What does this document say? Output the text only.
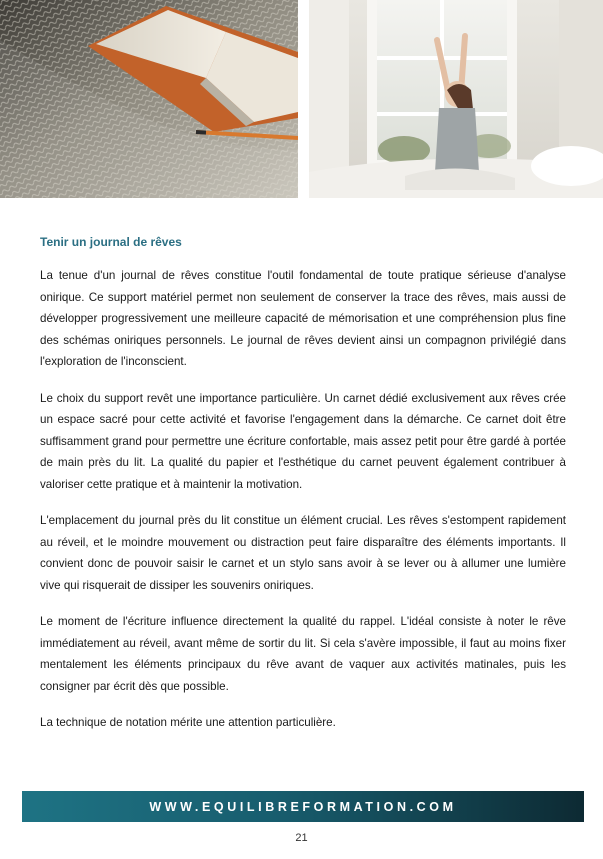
Tenir un journal de rêves

La tenue d'un journal de rêves constitue l'outil fondamental de toute pratique sérieuse d'analyse onirique. Ce support matériel permet non seulement de conserver la trace des rêves, mais aussi de développer progressivement une meilleure capacité de mémorisation et une compréhension plus fine des schémas oniriques personnels. Le journal de rêves devient ainsi un compagnon privilégié dans l'exploration de l'inconscient.

Le choix du support revêt une importance particulière. Un carnet dédié exclusivement aux rêves crée un espace sacré pour cette activité et favorise l'engagement dans la démarche. Ce carnet doit être suffisamment grand pour permettre une écriture confortable, mais assez petit pour être gardé à portée de main près du lit. La qualité du papier et l'esthétique du carnet peuvent également contribuer à valoriser cette pratique et à maintenir la motivation.

L'emplacement du journal près du lit constitue un élément crucial. Les rêves s'estompent rapidement au réveil, et le moindre mouvement ou distraction peut faire disparaître des éléments importants. Il convient donc de pouvoir saisir le carnet et un stylo sans avoir à se lever ou à allumer une lumière vive qui risquerait de dissiper les souvenirs oniriques.

Le moment de l'écriture influence directement la qualité du rappel. L'idéal consiste à noter le rêve immédiatement au réveil, avant même de sortir du lit. Si cela s'avère impossible, il faut au moins fixer mentalement les éléments principaux du rêve avant de vaquer aux activités matinales, puis les consigner par écrit dès que possible.

La technique de notation mérite une attention particulière.

WWW.EQUILIBREFORMATION.COM
21
